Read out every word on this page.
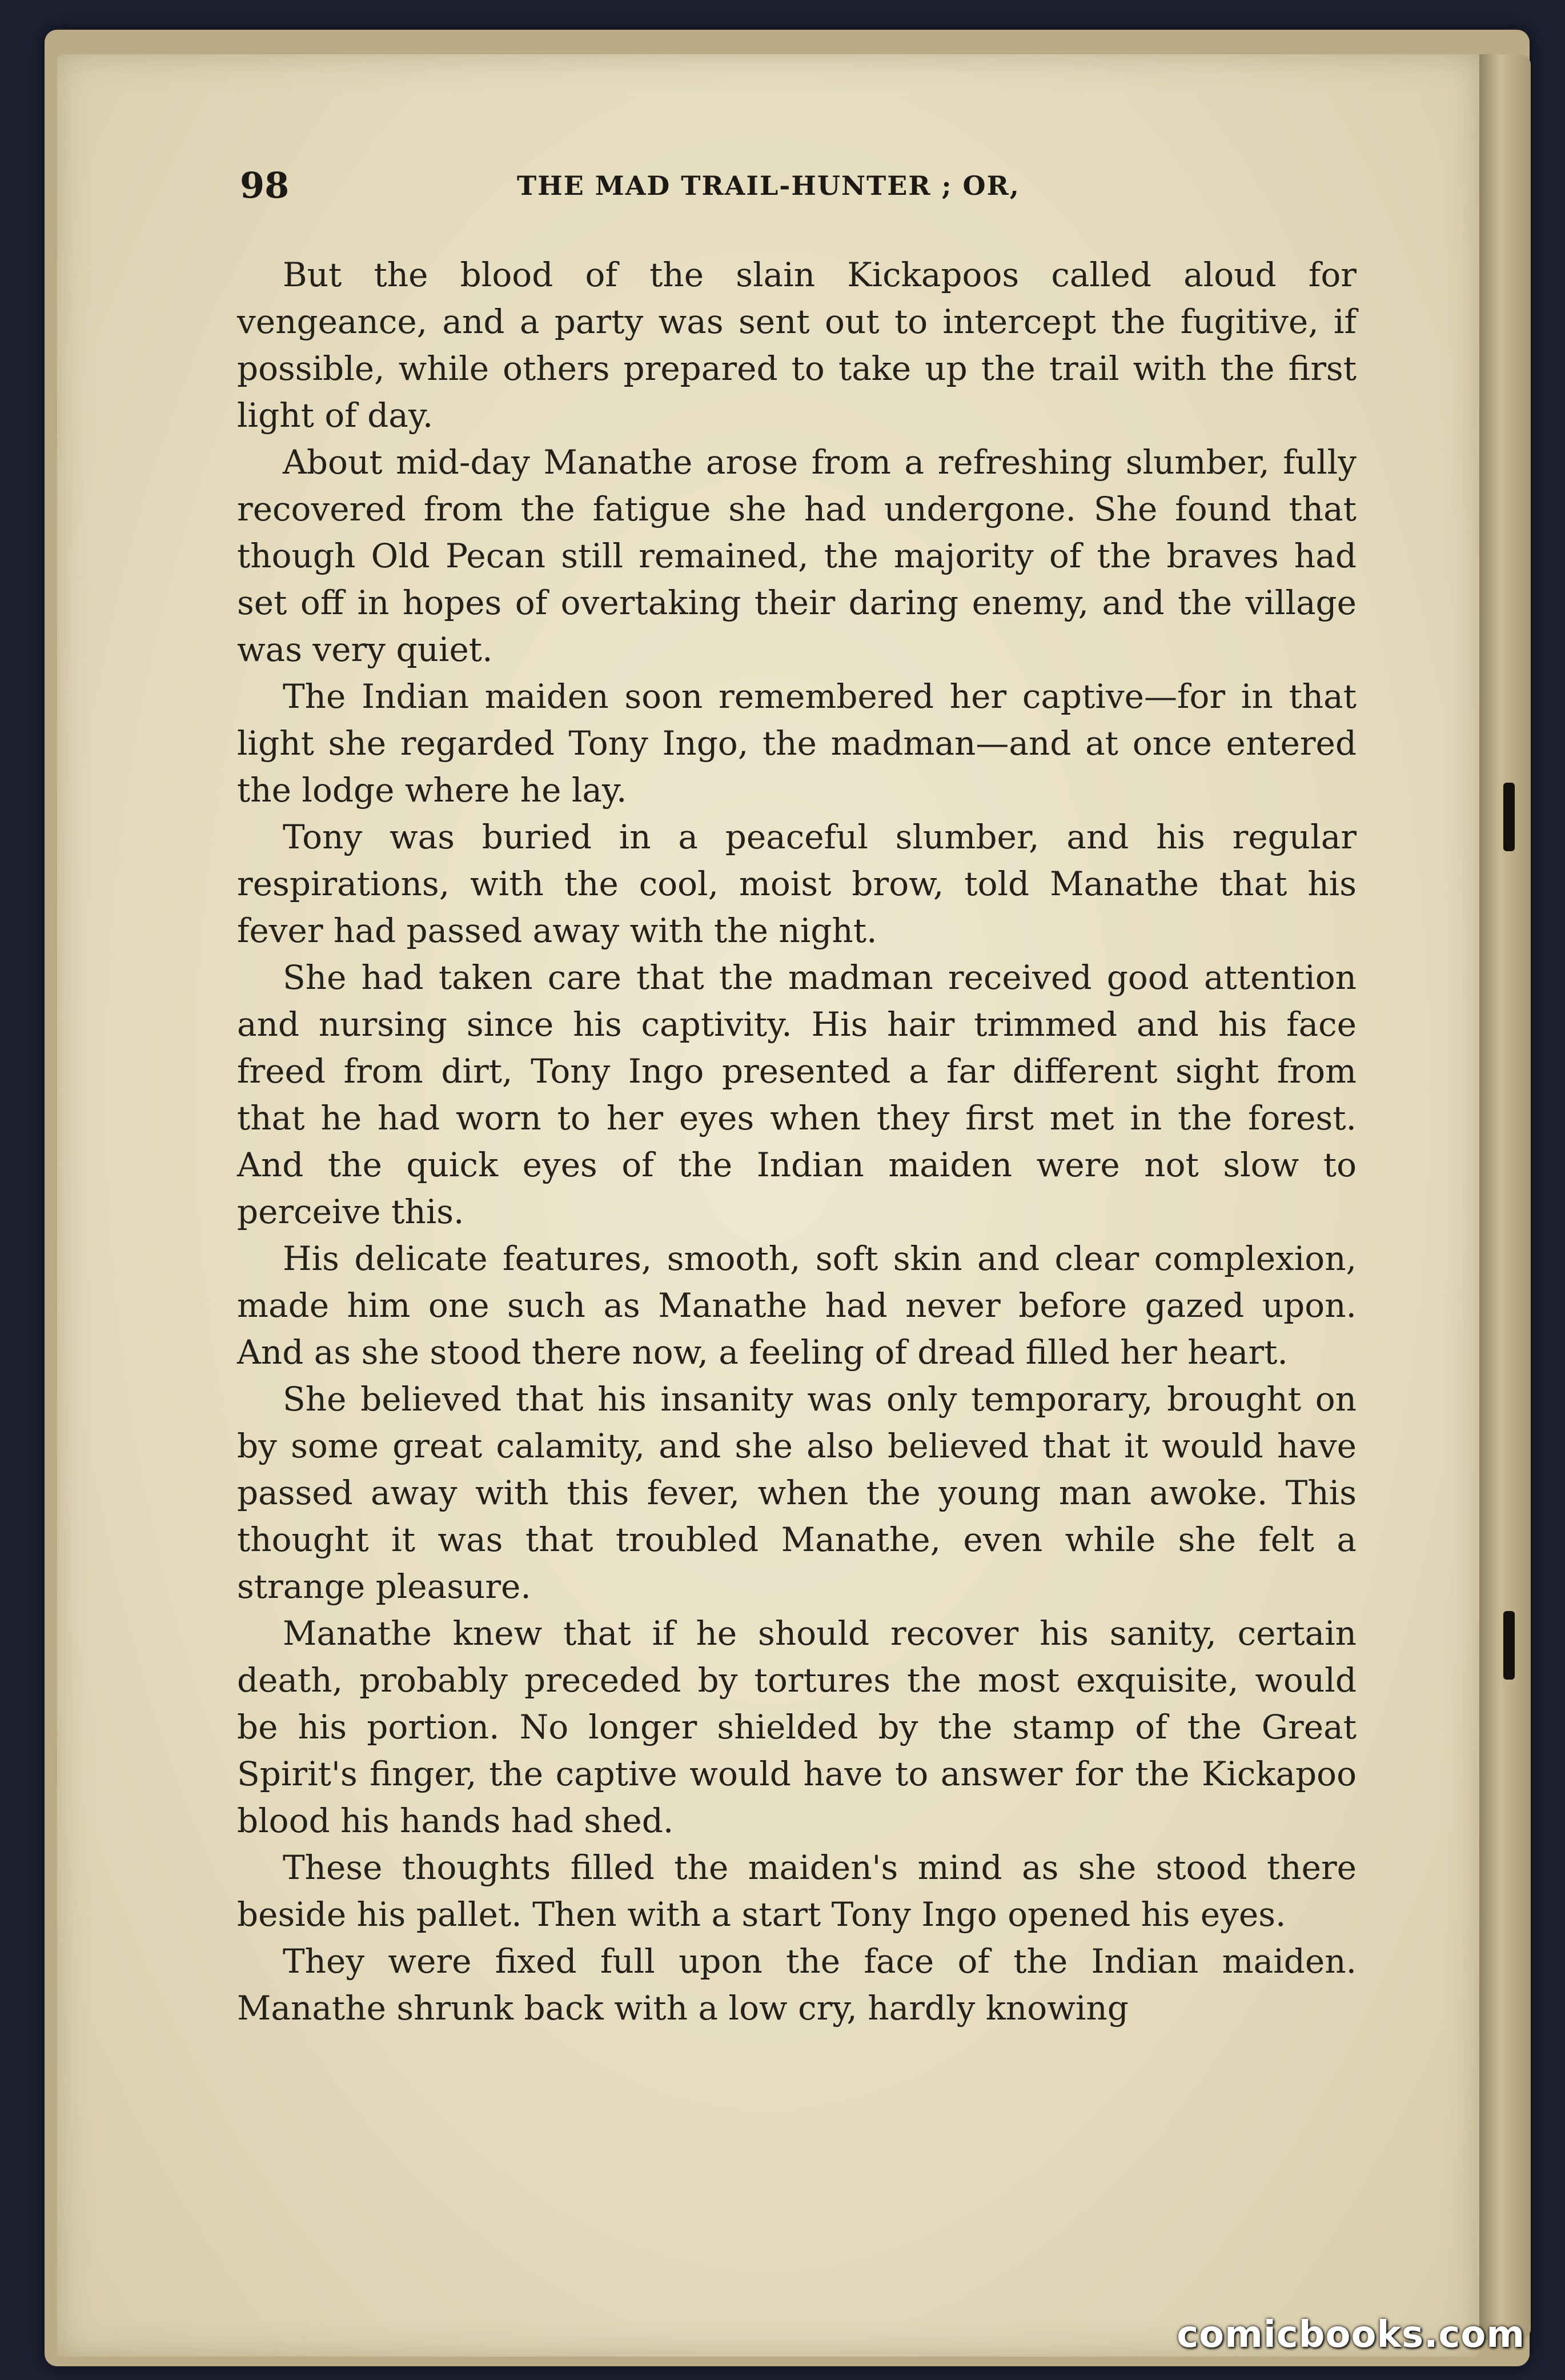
98	THE MAD TRAIL-HUNTER ; OR,

But the blood of the slain Kickapoos called aloud for vengeance, and a party was sent out to intercept the fugitive, if possible, while others prepared to take up the trail with the first light of day.

About mid-day Manathe arose from a refreshing slumber, fully recovered from the fatigue she had undergone. She found that though Old Pecan still remained, the majority of the braves had set off in hopes of overtaking their daring enemy, and the village was very quiet.

The Indian maiden soon remembered her captive—for in that light she regarded Tony Ingo, the madman—and at once entered the lodge where he lay.

Tony was buried in a peaceful slumber, and his regular respirations, with the cool, moist brow, told Manathe that his fever had passed away with the night.

She had taken care that the madman received good attention and nursing since his captivity. His hair trimmed and his face freed from dirt, Tony Ingo presented a far different sight from that he had worn to her eyes when they first met in the forest. And the quick eyes of the Indian maiden were not slow to perceive this.

His delicate features, smooth, soft skin and clear complexion, made him one such as Manathe had never before gazed upon. And as she stood there now, a feeling of dread filled her heart.

She believed that his insanity was only temporary, brought on by some great calamity, and she also believed that it would have passed away with this fever, when the young man awoke. This thought it was that troubled Manathe, even while she felt a strange pleasure.

Manathe knew that if he should recover his sanity, certain death, probably preceded by tortures the most exquisite, would be his portion. No longer shielded by the stamp of the Great Spirit's finger, the captive would have to answer for the Kickapoo blood his hands had shed.

These thoughts filled the maiden's mind as she stood there beside his pallet. Then with a start Tony Ingo opened his eyes.

They were fixed full upon the face of the Indian maiden. Manathe shrunk back with a low cry, hardly knowing

comicbooks.com
